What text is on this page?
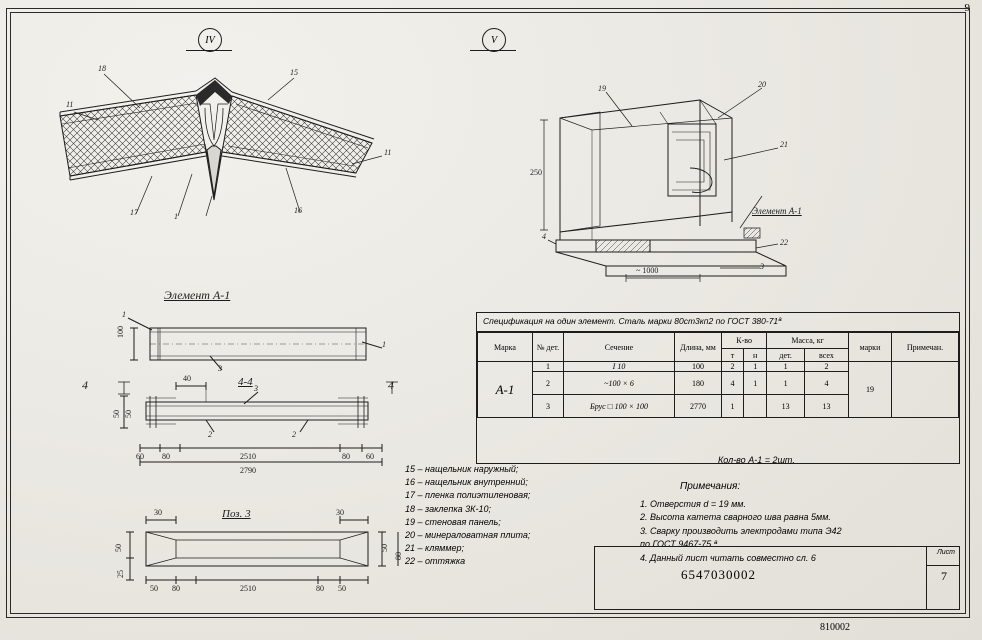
9
810002
IV
18	15
11
11
17	1
16
V
19	20
21
4
22
3
250
~ 1000
Элемент А-1
Элемент А-1
1
1
3
3
2	2
100
40
50 50
60 80	2510	80 60
2790
4	4
4-4
Поз. 3
30	30
50	50
25
50 80	2510	80 50
80
Спецификация на один элемент. Сталь марки 80ст3кп2 по ГОСТ 380-71ª
Марка	№ дет.	Сечение	Длина, мм	К-во		Масса, кг		марки	Примечан.
				т	н	дет.	всех		
А-1	1	I 10	100	2	1	1	2	19	
	2	~100 × 6	180	4	1	1	4		
	3	Брус □ 100 × 100	2770	1		13	13		
Кол-во А-1 = 2шт.
15 – нащельник наружный;
16 – нащельник внутренний;
17 – пленка полиэтиленовая;
18 – заклепка 3К-10;
19 – стеновая панель;
20 – минераловатная плита;
21 – кляммер;
22 – оттяжка
Примечания:
1. Отверстия d = 19 мм.
2. Высота катета сварного шва равна 5мм.
3. Сварку производить электродами типа Э42
по ГОСТ 9467-75.ª
4. Данный лист читать совместно сл. 6	Лист
6547030002	7
